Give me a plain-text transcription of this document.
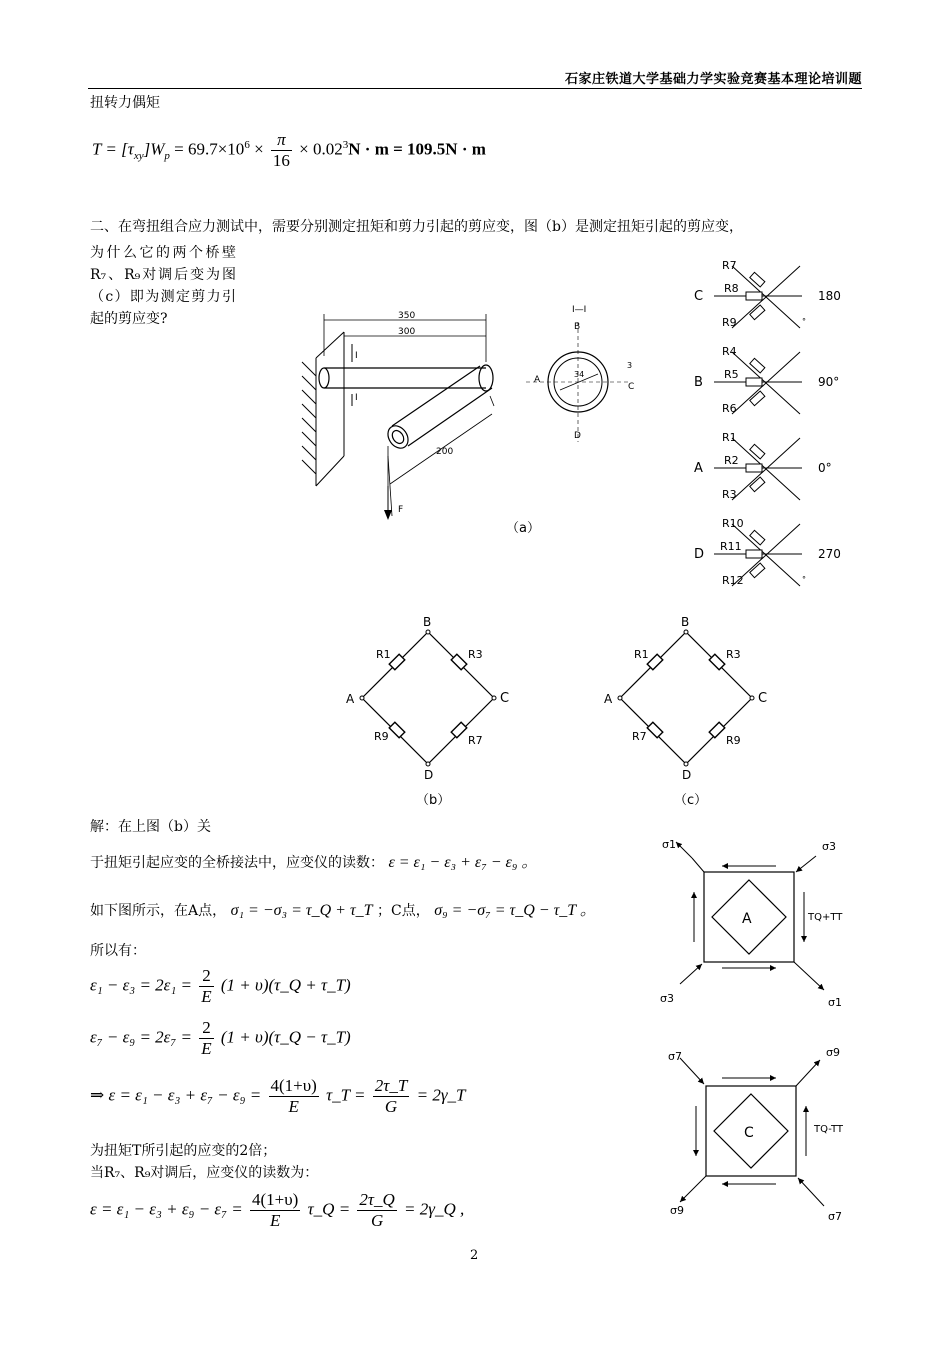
石家庄铁道大学基础力学实验竞赛基本理论培训题
扭转力偶矩
$T = [\tau_{xy}]W_p = 69.7\times 10^6 \times \frac{\pi}{16} \times 0.02^3N \cdot m = 109.5N \cdot m$
二、在弯扭组合应力测试中，需要分别测定扭矩和剪力引起的剪应变，图（b）是测定扭矩引起的剪应变，
为什么它的两个桥壁R₇、R₉对调后变为图（c）即为测定剪力引起的剪应变?	350
300
200
I
I
F
I—I
B
D
A
C
34
3
（a）
R7
R8
R9
C	180
°
R4
R5
R6
B	90°
R1
R2
R3
A	0°
R10
R11
R12
D	270
°
B
C
D
A
R1	R3
R9	R7
（b）
B
C
D
A
R1	R3
R7	R9
（c）
解：在上图（b）关
于扭矩引起应变的全桥接法中，应变仪的读数： ε = ε₁ − ε₃ + ε₇ − ε₉ 。
如下图所示，在A点， σ₁ = −σ₃ = τ_Q + τ_T ；C点， σ₉ = −σ₇ = τ_Q − τ_T 。
所以有：
$\varepsilon_1 - \varepsilon_3 = 2\varepsilon_1 = \frac{2}{E} (1$ + υ)(τ_Q + τ_T)
$\varepsilon_7 - \varepsilon_9 = 2\varepsilon_7 = \frac{2}{E} (1$ + υ)(τ_Q − τ_T)
⇒ $\varepsilon = \varepsilon_1 - \varepsilon_3 + \varepsilon_7 - \varepsilon_9 = \frac{4(1+\upsilon)}{E}$ τ_T = $\frac{2\tau\_T}{G}$ = 2γ_T
为扭矩T所引起的应变的2倍；
当R₇、R₉对调后，应变仪的读数为：
$\varepsilon = \varepsilon_1 - \varepsilon_3 + \varepsilon_9 - \varepsilon_7 = \frac{4(1+\upsilon)}{E}$ τ_Q = $\frac{2\tau\_Q}{G}$ = 2γ_Q ,
A
σ1	σ3
σ3	σ1
TQ+TT
C
σ7	σ9
σ9	σ7
TQ-TT
2
